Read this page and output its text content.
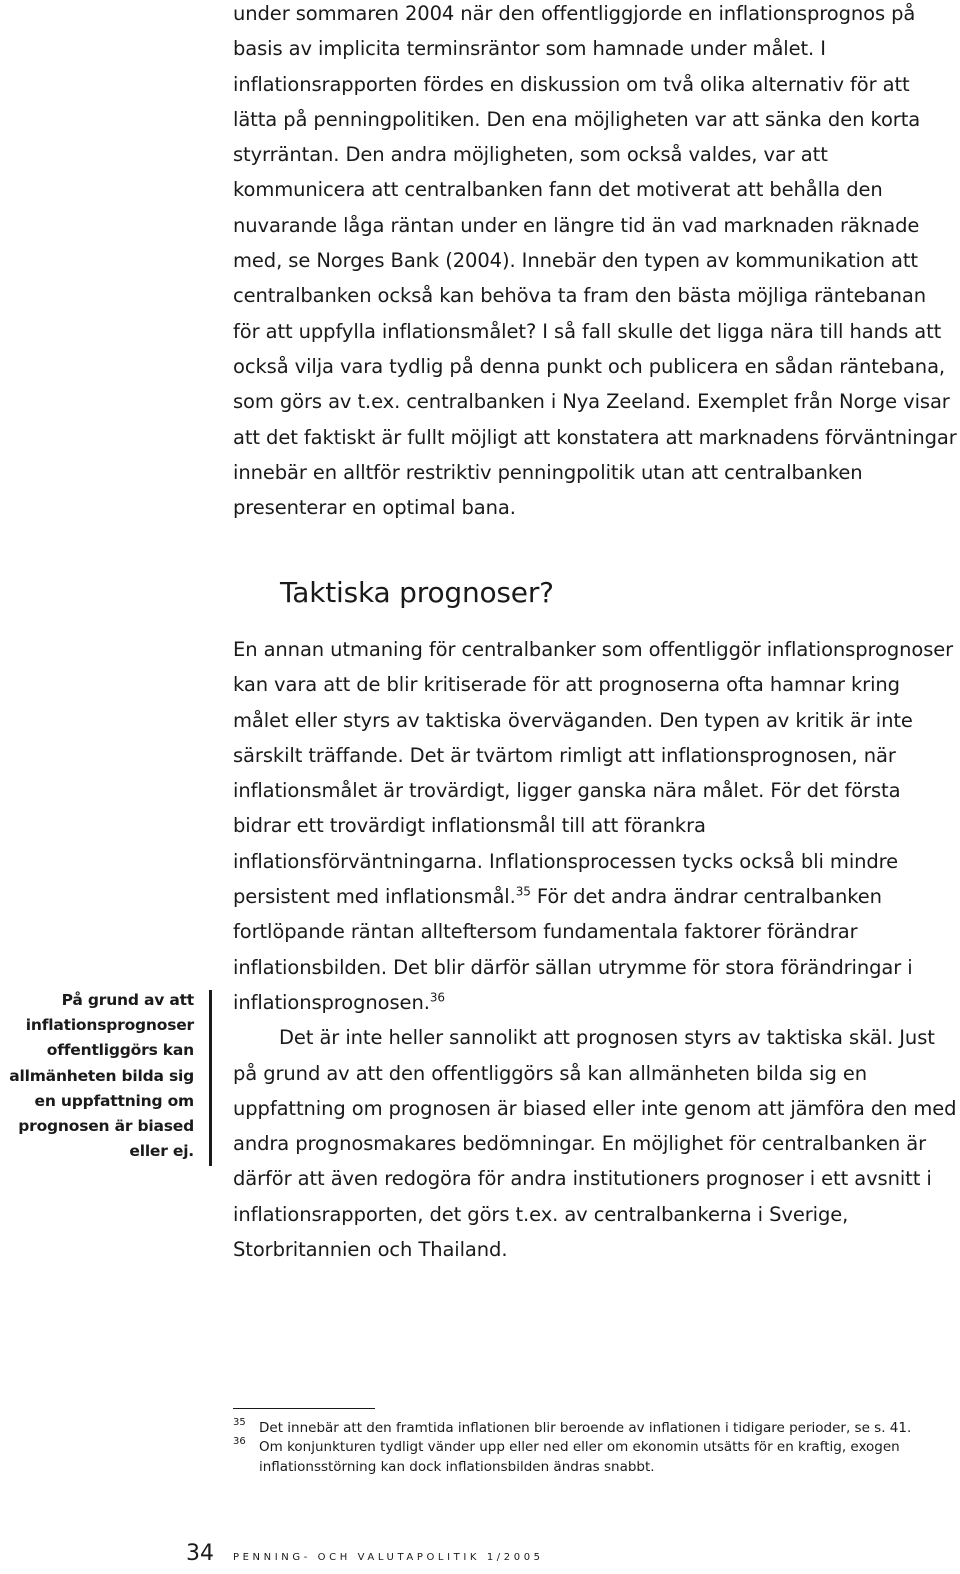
under sommaren 2004 när den offentliggjorde en inflationsprognos på basis av implicita terminsräntor som hamnade under målet. I inflationsrapporten fördes en diskussion om två olika alternativ för att lätta på penningpolitiken. Den ena möjligheten var att sänka den korta styrräntan. Den andra möjligheten, som också valdes, var att kommunicera att centralbanken fann det motiverat att behålla den nuvarande låga räntan under en längre tid än vad marknaden räknade med, se Norges Bank (2004). Innebär den typen av kommunikation att centralbanken också kan behöva ta fram den bästa möjliga räntebanan för att uppfylla inflationsmålet? I så fall skulle det ligga nära till hands att också vilja vara tydlig på denna punkt och publicera en sådan räntebana, som görs av t.ex. centralbanken i Nya Zeeland. Exemplet från Norge visar att det faktiskt är fullt möjligt att konstatera att marknadens förväntningar innebär en alltför restriktiv penningpolitik utan att centralbanken presenterar en optimal bana.

Taktiska prognoser?

En annan utmaning för centralbanker som offentliggör inflationsprognoser kan vara att de blir kritiserade för att prognoserna ofta hamnar kring målet eller styrs av taktiska överväganden. Den typen av kritik är inte särskilt träffande. Det är tvärtom rimligt att inflationsprognosen, när inflationsmålet är trovärdigt, ligger ganska nära målet. För det första bidrar ett trovärdigt inflationsmål till att förankra inflationsförväntningarna. Inflationsprocessen tycks också bli mindre persistent med inflationsmål.$^{35}$ För det andra ändrar centralbanken fortlöpande räntan allteftersom fundamentala faktorer förändrar inflationsbilden. Det blir därför sällan utrymme för stora förändringar i inflationsprognosen.$^{36}$

Det är inte heller sannolikt att prognosen styrs av taktiska skäl. Just på grund av att den offentliggörs så kan allmänheten bilda sig en uppfattning om prognosen är biased eller inte genom att jämföra den med andra prognosmakares bedömningar. En möjlighet för centralbanken är därför att även redogöra för andra institutioners prognoser i ett avsnitt i inflationsrapporten, det görs t.ex. av centralbankerna i Sverige, Storbritannien och Thailand.

På grund av att inflationsprognoser offentliggörs kan allmänheten bilda sig en uppfattning om prognosen är biased eller ej.
35 Det innebär att den framtida inflationen blir beroende av inflationen i tidigare perioder, se s. 41.
36 Om konjunkturen tydligt vänder upp eller ned eller om ekonomin utsätts för en kraftig, exogen inflationsstörning kan dock inflationsbilden ändras snabbt.
34 PENNING- OCH VALUTAPOLITIK 1/2005
